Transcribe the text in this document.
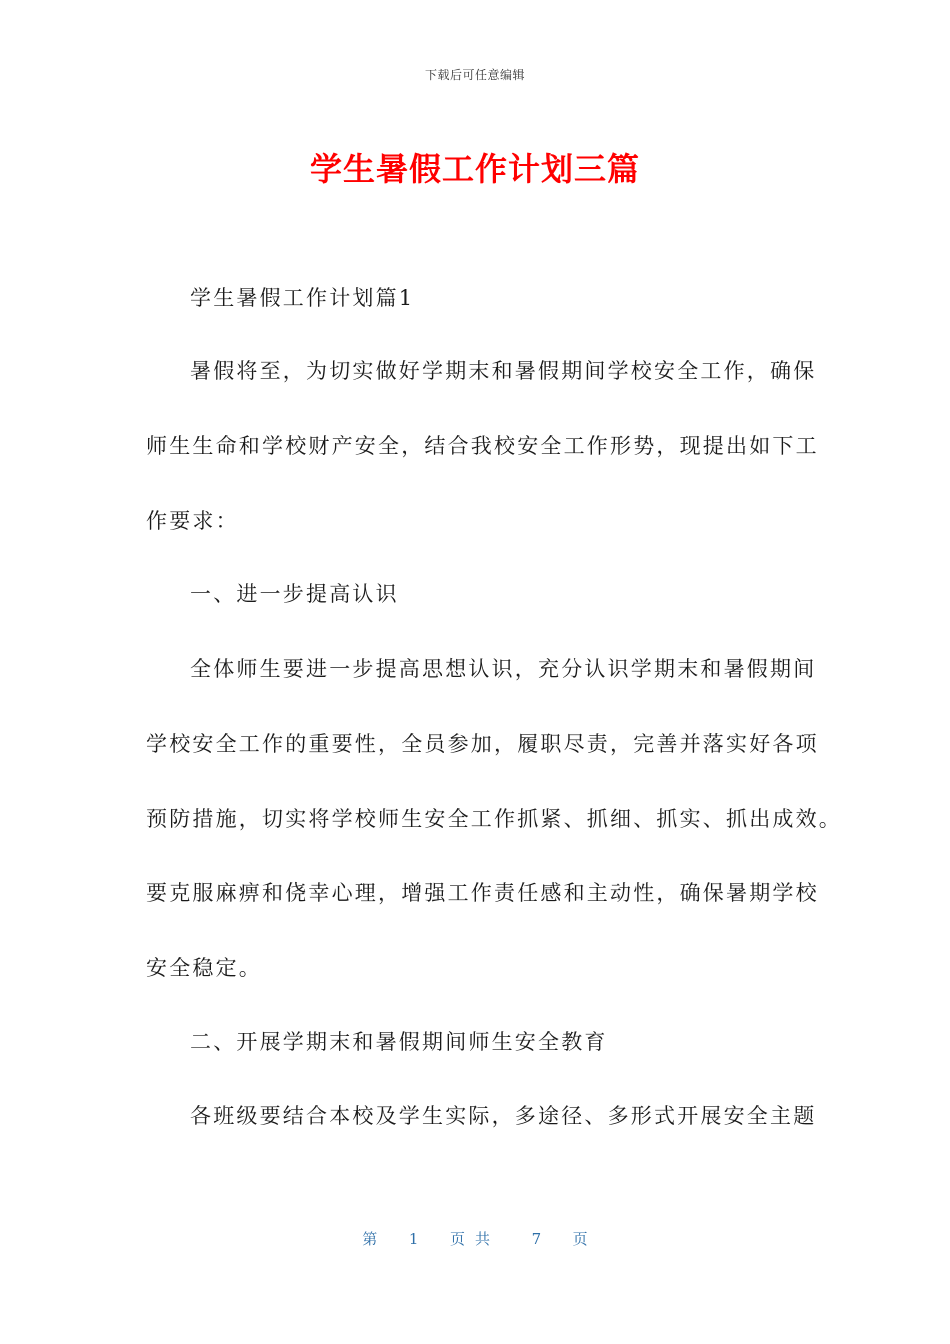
下载后可任意编辑
学生暑假工作计划三篇
学生暑假工作计划篇1
暑假将至，为切实做好学期末和暑假期间学校安全工作，确保
师生生命和学校财产安全，结合我校安全工作形势，现提出如下工
作要求：
一、进一步提高认识
全体师生要进一步提高思想认识，充分认识学期末和暑假期间
学校安全工作的重要性，全员参加，履职尽责，完善并落实好各项
预防措施，切实将学校师生安全工作抓紧、抓细、抓实、抓出成效。
要克服麻痹和侥幸心理，增强工作责任感和主动性，确保暑期学校
安全稳定。
二、开展学期末和暑假期间师生安全教育
各班级要结合本校及学生实际，多途径、多形式开展安全主题
第 1 页共 7 页
